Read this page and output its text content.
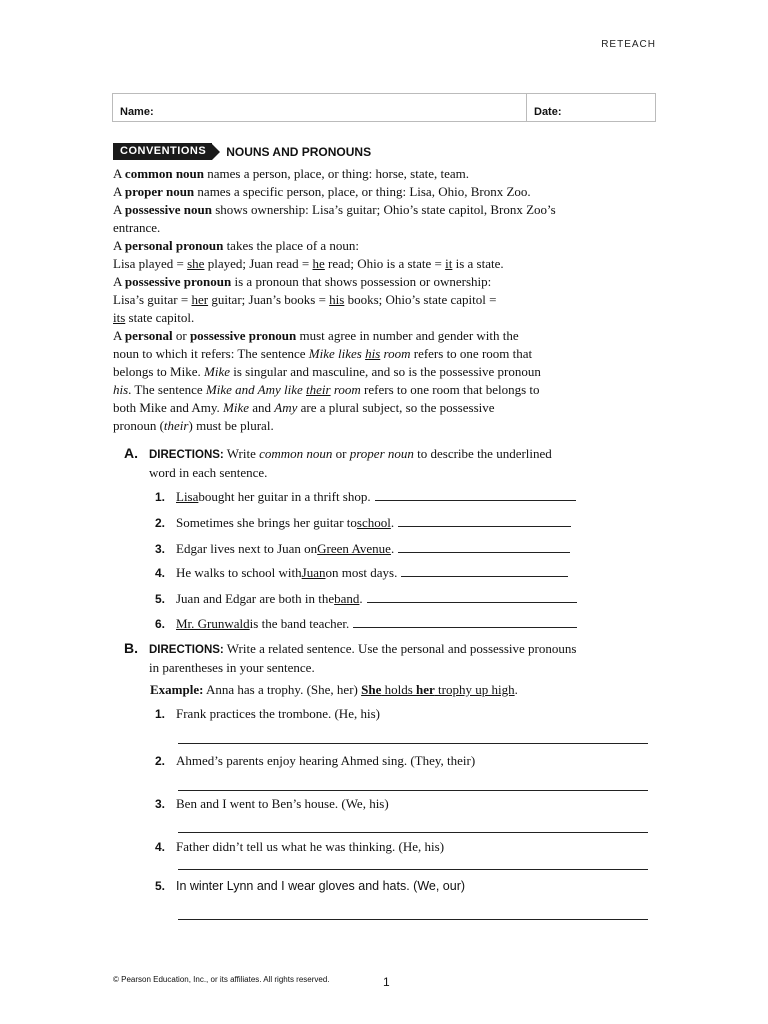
RETEACH
Name:	Date:
CONVENTIONS	NOUNS AND PRONOUNS

A common noun names a person, place, or thing: horse, state, team.

A proper noun names a specific person, place, or thing: Lisa, Ohio, Bronx Zoo.

A possessive noun shows ownership: Lisa’s guitar; Ohio’s state capitol, Bronx Zoo’s

entrance.

A personal pronoun takes the place of a noun:

Lisa played = she played; Juan read = he read; Ohio is a state = it is a state.

A possessive pronoun is a pronoun that shows possession or ownership:

Lisa’s guitar = her guitar; Juan’s books = his books; Ohio’s state capitol =

its state capitol.

A personal or possessive pronoun must agree in number and gender with the

noun to which it refers: The sentence Mike likes his room refers to one room that

belongs to Mike. Mike is singular and masculine, and so is the possessive pronoun

his. The sentence Mike and Amy like their room refers to one room that belongs to

both Mike and Amy. Mike and Amy are a plural subject, so the possessive

pronoun (their) must be plural.

A. DIRECTIONS: Write common noun or proper noun to describe the underlined
word in each sentence.
1. Lisa bought her guitar in a thrift shop.
2. Sometimes she brings her guitar to school .
3. Edgar lives next to Juan on Green Avenue .
4. He walks to school with Juan on most days.
5. Juan and Edgar are both in the band .
6. Mr. Grunwald is the band teacher.
B. DIRECTIONS: Write a related sentence. Use the personal and possessive pronouns
in parentheses in your sentence.
Example: Anna has a trophy. (She, her) She holds her trophy up high.
1. Frank practices the trombone. (He, his)
2. Ahmed’s parents enjoy hearing Ahmed sing. (They, their)
3. Ben and I went to Ben’s house. (We, his)
4. Father didn’t tell us what he was thinking. (He, his)
5. In winter Lynn and I wear gloves and hats. (We, our)
© Pearson Education, Inc., or its affiliates. All rights reserved.	1
